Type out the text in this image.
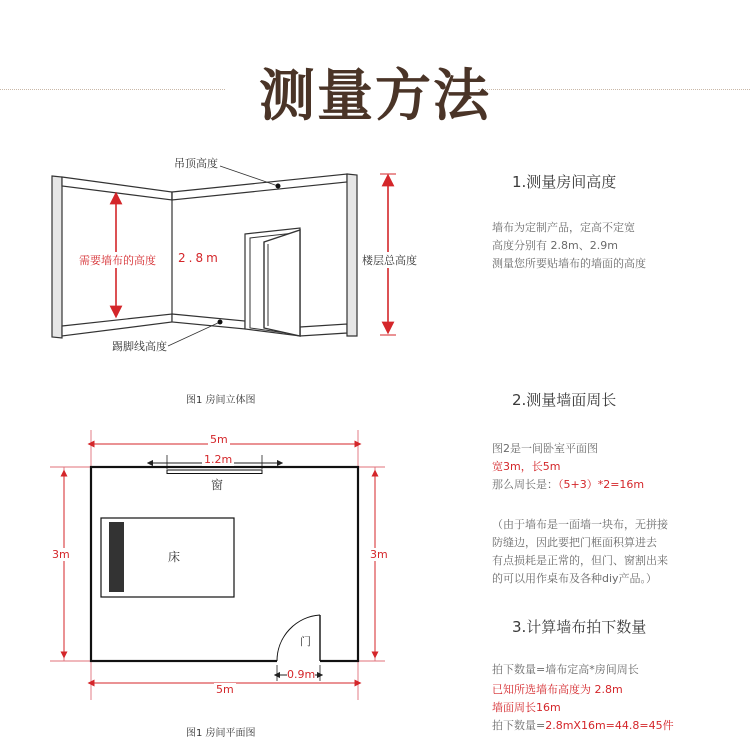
测量方法
吊顶高度
需要墙布的高度 2.8m	楼层总高度
踢脚线高度
图1 房间立体图
1.测量房间高度
墙布为定制产品，定高不定宽
高度分别有 2.8m、2.9m
测量您所要贴墙布的墙面的高度
5m
1.2m
窗
3m	3m
床
门
0.9m
5m
图1 房间平面图
2.测量墙面周长
图2是一间卧室平面图
宽3m，长5m
那么周长是：（5+3）*2=16m
（由于墙布是一面墙一块布，无拼接
防缝边，因此要把门框面积算进去
有点损耗是正常的，但门、窗割出来
的可以用作桌布及各种diy产品。）
3.计算墙布拍下数量
拍下数量=墙布定高*房间周长
已知所选墙布高度为 2.8m
墙面周长16m
拍下数量=2.8mX16m=44.8=45件
